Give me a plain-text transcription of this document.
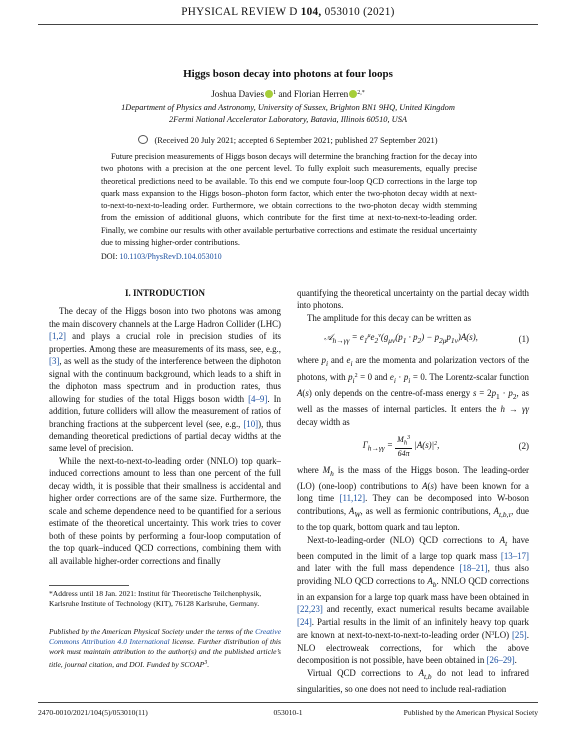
PHYSICAL REVIEW D 104, 053010 (2021)
Higgs boson decay into photons at four loops
Joshua Davies $^1$ and Florian Herren $^{2,*}$
1Department of Physics and Astronomy, University of Sussex, Brighton BN1 9HQ, United Kingdom
2Fermi National Accelerator Laboratory, Batavia, Illinois 60510, USA
(Received 20 July 2021; accepted 6 September 2021; published 27 September 2021)
Future precision measurements of Higgs boson decays will determine the branching fraction for the decay into two photons with a precision at the one percent level. To fully exploit such measurements, equally precise theoretical predictions need to be available. To this end we compute four-loop QCD corrections in the large top quark mass expansion to the Higgs boson–photon form factor, which enter the two-photon decay width at next-to-next-to-next-to-leading order. Furthermore, we obtain corrections to the two-photon decay width stemming from the emission of additional gluons, which contribute for the first time at next-to-next-to-leading order. Finally, we combine our results with other available perturbative corrections and estimate the residual uncertainty due to missing higher-order contributions.
DOI: 10.1103/PhysRevD.104.053010
I. INTRODUCTION

The decay of the Higgs boson into two photons was among the main discovery channels at the Large Hadron Collider (LHC) [1,2] and plays a crucial role in precision studies of its properties. Among these are measurements of its mass, see, e.g., [3], as well as the study of the interference between the diphoton signal with the continuum background, which leads to a shift in the diphoton mass spectrum and in production rates, thus allowing for studies of the total Higgs boson width [4–9]. In addition, future colliders will allow the measurement of ratios of branching fractions at the subpercent level (see, e.g., [10]), thus demanding theoretical predictions of partial decay widths at the same level of precision.

While the next-to-next-to-leading order (NNLO) top quark–induced corrections amount to less than one percent of the full decay width, it is possible that their smallness is accidental and higher order corrections are of the same size. Furthermore, the scale and scheme dependence need to be quantified for a serious estimate of the theoretical uncertainty. This work tries to cover both of these points by performing a four-loop computation of the top quark–induced QCD corrections, combining them with all available higher-order corrections and finally

*Address until 18 Jan. 2021: Institut für Theoretische Teilchenphysik, Karlsruhe Institute of Technology (KIT), 76128 Karlsruhe, Germany.
Published by the American Physical Society under the terms of the Creative Commons Attribution 4.0 International license. Further distribution of this work must maintain attribution to the author(s) and the published article’s title, journal citation, and DOI. Funded by SCOAP$^3$.

quantifying the theoretical uncertainty on the partial decay width into photons.

The amplitude for this decay can be written as

𝒜$_{h\to\gamma\gamma}$ = $e_1^\mu e_2^\nu(g_{\mu\nu}(p_1 \cdot p_2) - p_{2\mu}p_{1\nu})A(s)$,	(1)

where $p_i$ and $e_i$ are the momenta and polarization vectors of the photons, with $p_i^2 = 0$ and $e_i \cdot p_i = 0$. The Lorentz-scalar function A(s) only depends on the centre-of-mass energy $s = 2p_1 \cdot p_2$, as well as the masses of internal particles. It enters the h → γγ decay width as

$\Gamma_{h\to\gamma\gamma} = \frac{M_h^3}{64\pi} |A(s)|^2$,	(2)

where $M_h$ is the mass of the Higgs boson. The leading-order (LO) (one-loop) contributions to A(s) have been known for a long time [11,12]. They can be decomposed into W-boson contributions, $A_W$, as well as fermionic contributions, $A_{t,b,\tau}$, due to the top quark, bottom quark and tau lepton.

Next-to-leading-order (NLO) QCD corrections to $A_t$ have been computed in the limit of a large top quark mass [13–17] and later with the full mass dependence [18–21], thus also providing NLO QCD corrections to $A_b$. NNLO QCD corrections in an expansion for a large top quark mass have been obtained in [22,23] and recently, exact numerical results became available [24]. Partial results in the limit of an infinitely heavy top quark are known at next-to-next-to-next-to-leading order $(N^3LO)$ [25]. NLO electroweak corrections, for which the above decomposition is not possible, have been obtained in [26–29].

Virtual QCD corrections to $A_{t,b}$ do not lead to infrared singularities, so one does not need to include real-radiation

2470-0010/2021/104(5)/053010(11)	053010-1	Published by the American Physical Society
